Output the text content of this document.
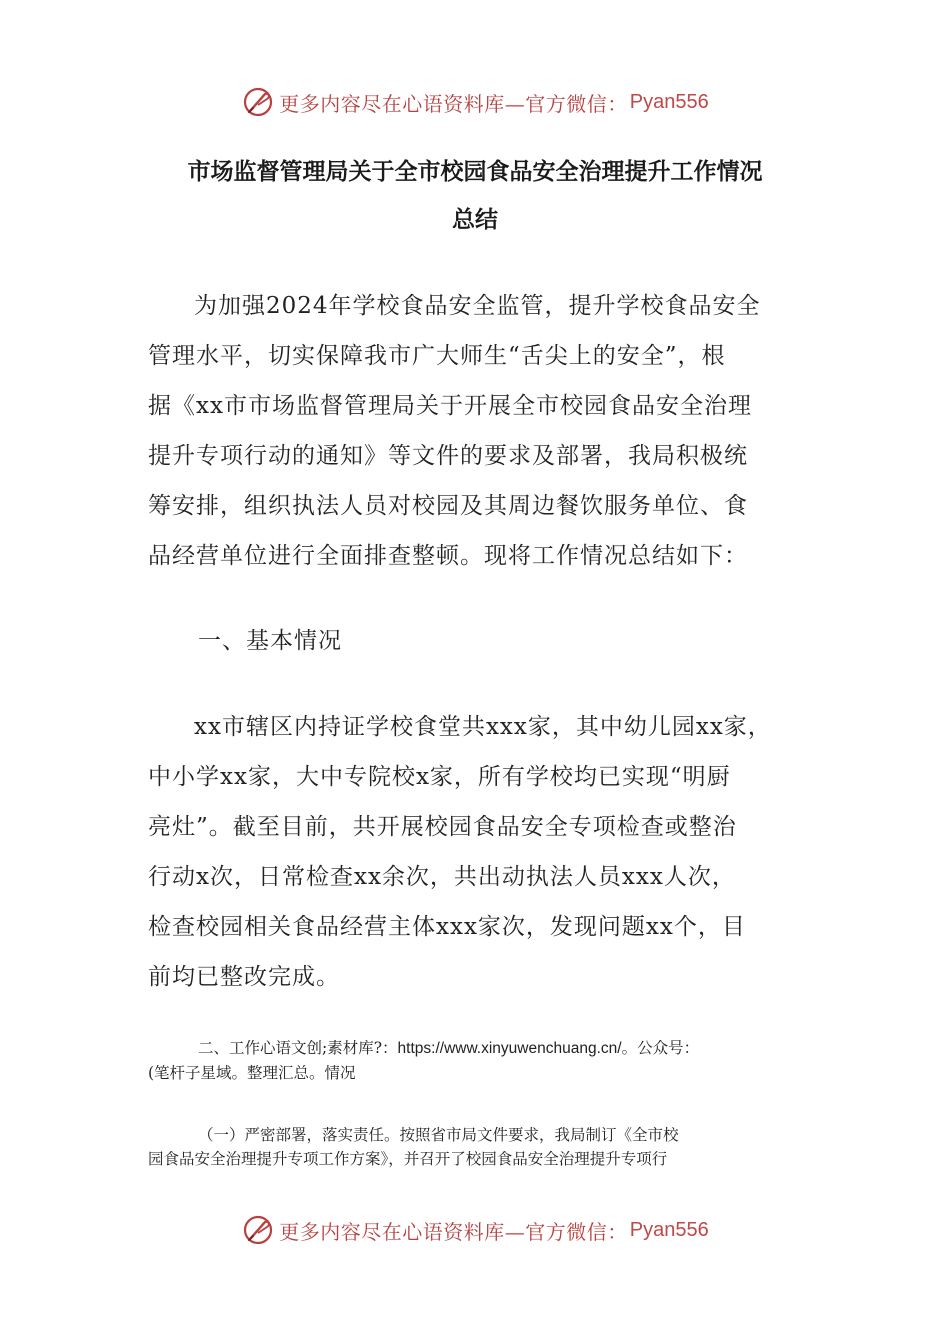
更多内容尽在心语资料库—官方微信： Pyan556
市场监督管理局关于全市校园食品安全治理提升工作情况
总结
为加强2024年学校食品安全监管，提升学校食品安全
管理水平，切实保障我市广大师生“舌尖上的安全”，根
据《xx市市场监督管理局关于开展全市校园食品安全治理
提升专项行动的通知》等文件的要求及部署，我局积极统
筹安排，组织执法人员对校园及其周边餐饮服务单位、食
品经营单位进行全面排查整顿。现将工作情况总结如下：
一、基本情况
xx市辖区内持证学校食堂共xxx家，其中幼儿园xx家，
中小学xx家，大中专院校x家，所有学校均已实现“明厨
亮灶”。截至目前，共开展校园食品安全专项检查或整治
行动x次，日常检查xx余次，共出动执法人员xxx人次，
检查校园相关食品经营主体xxx家次，发现问题xx个，目
前均已整改完成。
二、工作心语文创;素材库?：https://www.xinyuwenchuang.cn/。公众号：
(笔杆子星域。整理汇总。情况
（一）严密部署，落实责任。按照省市局文件要求，我局制订《全市校
园食品安全治理提升专项工作方案》，并召开了校园食品安全治理提升专项行
更多内容尽在心语资料库—官方微信： Pyan556
